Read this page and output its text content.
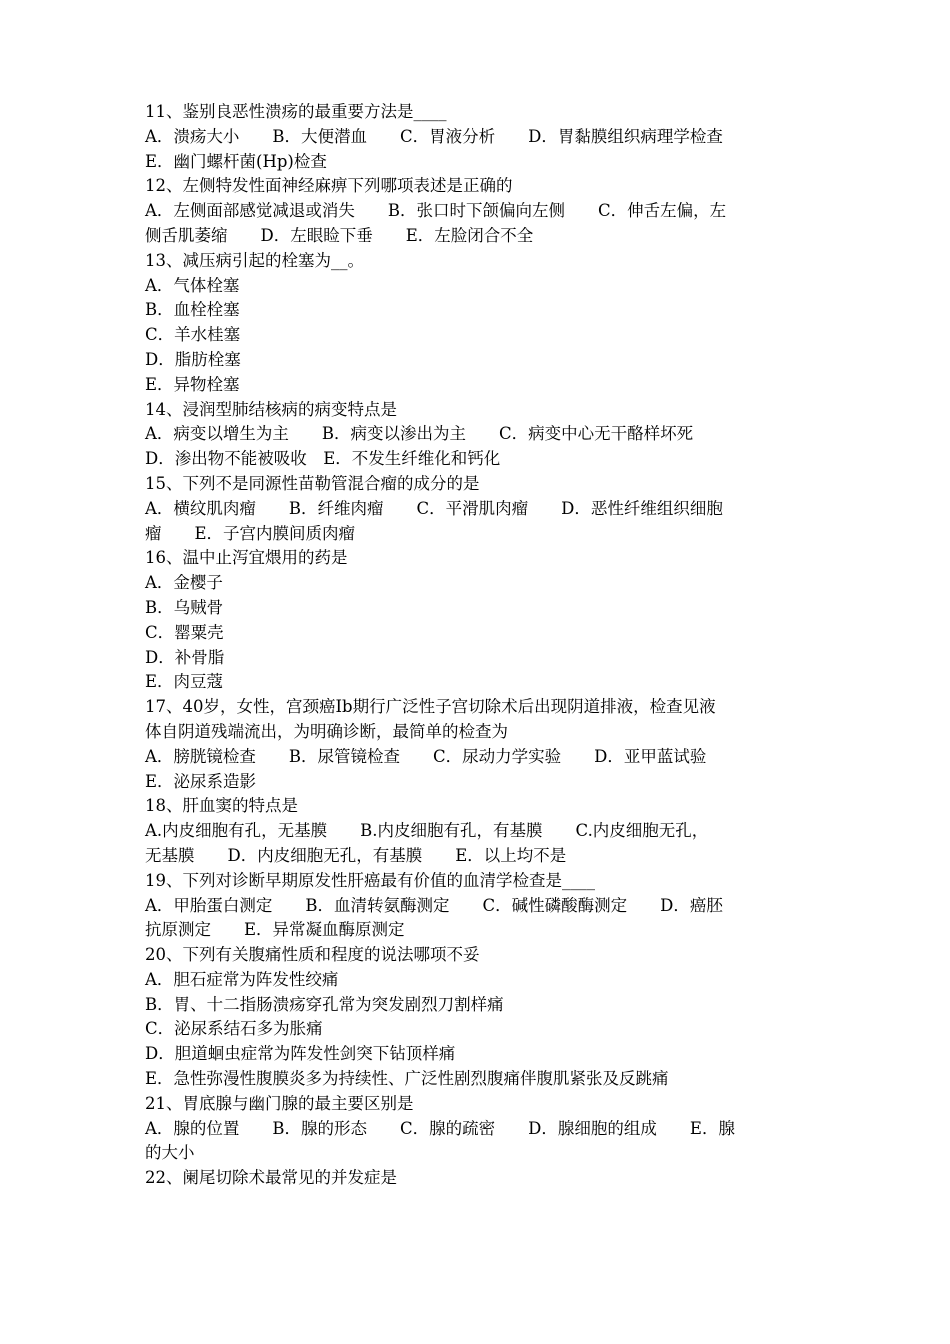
11、鉴别良恶性溃疡的最重要方法是____
A．溃疡大小　　B．大便潜血　　C．胃液分析　　D．胃黏膜组织病理学检查
E．幽门螺杆菌(Hp)检查
12、左侧特发性面神经麻痹下列哪项表述是正确的
A．左侧面部感觉减退或消失　　B．张口时下颌偏向左侧　　C．伸舌左偏，左
侧舌肌萎缩　　D．左眼睑下垂　　E．左脸闭合不全
13、减压病引起的栓塞为__。
A．气体栓塞
B．血栓栓塞
C．羊水桂塞
D．脂肪栓塞
E．异物栓塞
14、浸润型肺结核病的病变特点是
A．病变以增生为主　　B．病变以渗出为主　　C．病变中心无干酪样坏死
D．渗出物不能被吸收　E．不发生纤维化和钙化
15、下列不是同源性苗勒管混合瘤的成分的是
A．横纹肌肉瘤　　B．纤维肉瘤　　C．平滑肌肉瘤　　D．恶性纤维组织细胞
瘤　　E．子宫内膜间质肉瘤
16、温中止泻宜煨用的药是
A．金樱子
B．乌贼骨
C．罂粟壳
D．补骨脂
E．肉豆蔻
17、40岁，女性，宫颈癌Ⅰb期行广泛性子宫切除术后出现阴道排液，检查见液
体自阴道残端流出，为明确诊断，最简单的检查为
A．膀胱镜检查　　B．尿管镜检查　　C．尿动力学实验　　D．亚甲蓝试验
E．泌尿系造影
18、肝血窦的特点是
A.内皮细胞有孔，无基膜　　B.内皮细胞有孔，有基膜　　C.内皮细胞无孔，
无基膜　　D．内皮细胞无孔，有基膜　　E．以上均不是
19、下列对诊断早期原发性肝癌最有价值的血清学检查是____
A．甲胎蛋白测定　　B．血清转氨酶测定　　C．碱性磷酸酶测定　　D．癌胚
抗原测定　　E．异常凝血酶原测定
20、下列有关腹痛性质和程度的说法哪项不妥
A．胆石症常为阵发性绞痛
B．胃、十二指肠溃疡穿孔常为突发剧烈刀割样痛
C．泌尿系结石多为胀痛
D．胆道蛔虫症常为阵发性剑突下钻顶样痛
E．急性弥漫性腹膜炎多为持续性、广泛性剧烈腹痛伴腹肌紧张及反跳痛
21、胃底腺与幽门腺的最主要区别是
A．腺的位置　　B．腺的形态　　C．腺的疏密　　D．腺细胞的组成　　E．腺
的大小
22、阑尾切除术最常见的并发症是
